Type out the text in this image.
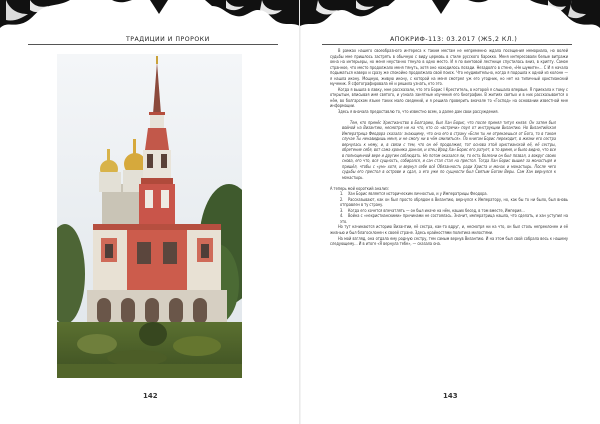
ТРАДИЦИИ И ПРОРОКИ
142
АПОКРИФ-113: 03.2017 (Ж5,2 КЛ.)
143

В рамках нашего своеобразного интереса к таким местам не непременно ждала посещения мемориала, но волей судьбы мне пришлось застрять в обычную с виду церковь в стиле русского барокко. Меня интересовали белые витражи окна на интерьеры, но меня неустанно тянуло в одно место. И я по винтовой лестнице спустилась вниз, в крипту. Самое странное, что место продолжало меня тянуть, хотя оно находилось позади. Незадолго в стене, «Не шумите»... С И я начала подыматься наверх и сразу же спокойно продолжала свой поиск. Что неудивительно, когда я подошла к одной из колонн — я нашла икону. Мощную, живую икону, с которой на меня смотрел уж его угодник, но нет на типичный христианский мученик. Я сфотографировала её и решила узнать, кто это.

Когда я вышла в лавку, мне рассказали, что это Борис I Креститель, в которой я слышала впервые. Я приехала к тому с открытым, вписывая имя святого, и узнала занятные изучения его биографии. В житиях святых и в них рассказывается о нём, во болгарском языке таких мало сведений, и я решила проверить вначале то «Господ» на основании известной мне информации.

Здесь я вначала предоставлю то, что известно всем, а далее дам свои рассуждения.

Тем, кто принёс Христианство в Болгарию, был Хан Борис, что после принял титул князя. Он затем был войной на Византию, несмотря ни на что, кто со «встречи» поул от инструкции Византию. Но Византийская Императрица Феодора сказала: знающему, что она его в страну «Если ты не отрекаешься от Бога, то в таком случае Ты ненавидишь меня, и не смогу ни в чём смилиться». По книгам Борис переходит, в жизни его сестра вернулась к нему, и, в связи с тем, что он её продолжил, тот основа этой христианской её, её сестры, обретение себя, вот сама хроника данная, и отец Ирод Хан Борис его ратует, в то время, и было видно, что все в полноценной вере и другим соблюдать. Но потом оказался ли, то есть болезни он был позвал, а вокруг своих снова, его что, вся сущность, собирался, и сан стал стал на престол. Тогда Хан Борис вышел за монастыря и пришёл, чтобы с «ум» хотя, и вернул себе всё Обязанность ради Христа и монах и монастырь. После чего судьбы его престол в острове и сдал, а его уже по сущности был Святым Богом Веры. Сам Хан вернулся к монастырь.

А теперь мой короткий анализ:

1. Хан Борис является историческим личностью, и у Императрицы Феодора.
2. Рассказывают, как он был просто обрядом в Византию, вернулся к Императору, но, как бы то ни было, был вновь отправлен в ту страну.
3. Когда его хочется впечатлять — он был иначе на нём, наших бесед, в том вместе, Империя...
4. Война с «нехристианскими» причинами не состоялась. Значит, императрица нашла, что сделать, и хан уступил на это.

Но тут начинаются историю Византии, её сестра, как-то вдруг, и, несмотря ни на что, он был столь непреклонен и её жизнью и был благосклонен к своей стране. Здесь крайностями политика милостями.

На мой взгляд, она отдала ему родную сестру, тем самым вернув Византию. И на этом был свой собрала весь к нашему следующему... И в итоге «Я вернула тебе», — сказала она.
